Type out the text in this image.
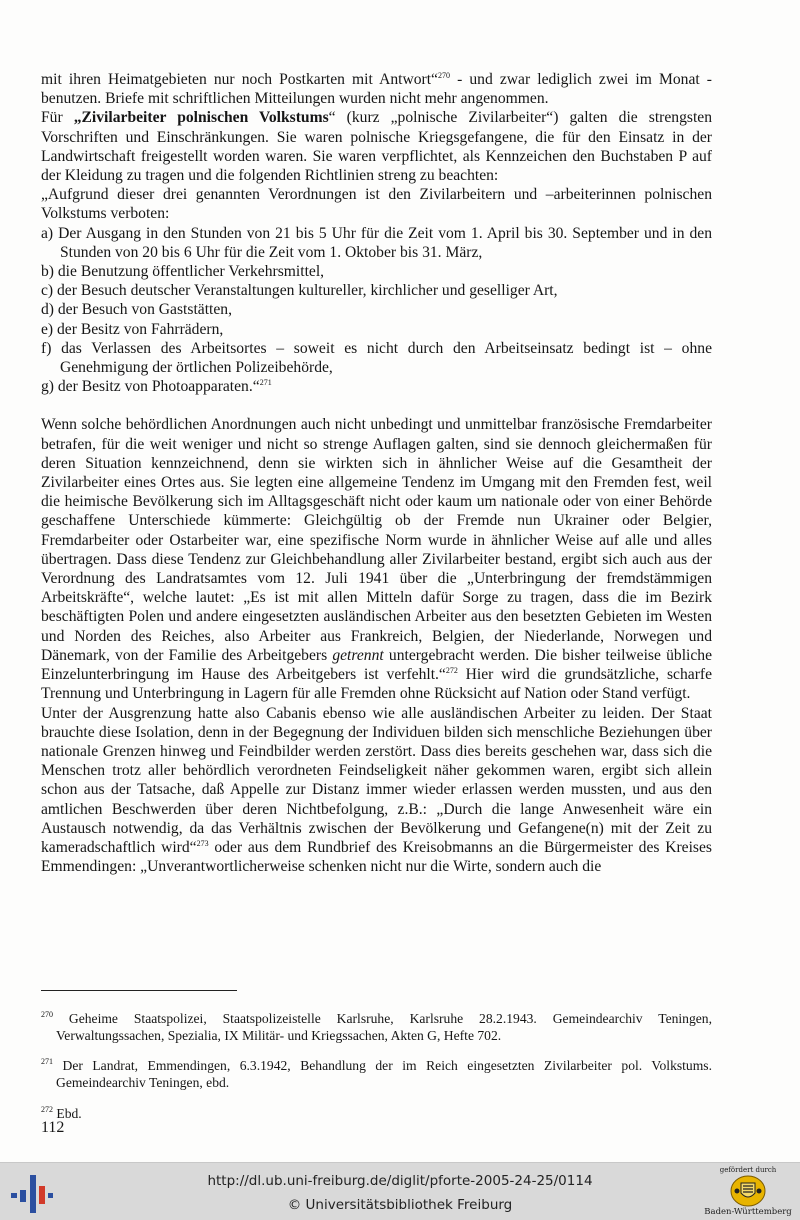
mit ihren Heimatgebieten nur noch Postkarten mit Antwort“$^{270}$ - und zwar lediglich zwei im Monat - benutzen. Briefe mit schriftlichen Mitteilungen wurden nicht mehr angenommen.

Für „Zivilarbeiter polnischen Volkstums“ (kurz „polnische Zivilarbeiter“) galten die strengsten Vorschriften und Einschränkungen. Sie waren polnische Kriegsgefangene, die für den Einsatz in der Landwirtschaft freigestellt worden waren. Sie waren verpflichtet, als Kennzeichen den Buchstaben P auf der Kleidung zu tragen und die folgenden Richtlinien streng zu beachten:

„Aufgrund dieser drei genannten Verordnungen ist den Zivilarbeitern und –arbeiterinnen polnischen Volkstums verboten:

a) Der Ausgang in den Stunden von 21 bis 5 Uhr für die Zeit vom 1. April bis 30. September und in den Stunden von 20 bis 6 Uhr für die Zeit vom 1. Oktober bis 31. März,

b) die Benutzung öffentlicher Verkehrsmittel,

c) der Besuch deutscher Veranstaltungen kultureller, kirchlicher und geselliger Art,

d) der Besuch von Gaststätten,

e) der Besitz von Fahrrädern,

f) das Verlassen des Arbeitsortes – soweit es nicht durch den Arbeitseinsatz bedingt ist – ohne Genehmigung der örtlichen Polizeibehörde,

g) der Besitz von Photoapparaten.“$^{271}$

Wenn solche behördlichen Anordnungen auch nicht unbedingt und unmittelbar französische Fremdarbeiter betrafen, für die weit weniger und nicht so strenge Auflagen galten, sind sie dennoch gleichermaßen für deren Situation kennzeichnend, denn sie wirkten sich in ähnlicher Weise auf die Gesamtheit der Zivilarbeiter eines Ortes aus. Sie legten eine allgemeine Tendenz im Umgang mit den Fremden fest, weil die heimische Bevölkerung sich im Alltagsgeschäft nicht oder kaum um nationale oder von einer Behörde geschaffene Unterschiede kümmerte: Gleichgültig ob der Fremde nun Ukrainer oder Belgier, Fremdarbeiter oder Ostarbeiter war, eine spezifische Norm wurde in ähnlicher Weise auf alle und alles übertragen. Dass diese Tendenz zur Gleichbehandlung aller Zivilarbeiter bestand, ergibt sich auch aus der Verordnung des Landratsamtes vom 12. Juli 1941 über die „Unterbringung der fremdstämmigen Arbeitskräfte“, welche lautet: „Es ist mit allen Mitteln dafür Sorge zu tragen, dass die im Bezirk beschäftigten Polen und andere eingesetzten ausländischen Arbeiter aus den besetzten Gebieten im Westen und Norden des Reiches, also Arbeiter aus Frankreich, Belgien, der Niederlande, Norwegen und Dänemark, von der Familie des Arbeitgebers getrennt untergebracht werden. Die bisher teilweise übliche Einzelunterbringung im Hause des Arbeitgebers ist verfehlt.“$^{272}$ Hier wird die grundsätzliche, scharfe Trennung und Unterbringung in Lagern für alle Fremden ohne Rücksicht auf Nation oder Stand verfügt.

Unter der Ausgrenzung hatte also Cabanis ebenso wie alle ausländischen Arbeiter zu leiden. Der Staat brauchte diese Isolation, denn in der Begegnung der Individuen bilden sich menschliche Beziehungen über nationale Grenzen hinweg und Feindbilder werden zerstört. Dass dies bereits geschehen war, dass sich die Menschen trotz aller behördlich verordneten Feindseligkeit näher gekommen waren, ergibt sich allein schon aus der Tatsache, daß Appelle zur Distanz immer wieder erlassen werden mussten, und aus den amtlichen Beschwerden über deren Nichtbefolgung, z.B.: „Durch die lange Anwesenheit wäre ein Austausch notwendig, da das Verhältnis zwischen der Bevölkerung und Gefangene(n) mit der Zeit zu kameradschaftlich wird“$^{273}$ oder aus dem Rundbrief des Kreisobmanns an die Bürgermeister des Kreises Emmendingen: „Unverantwortlicherweise schenken nicht nur die Wirte, sondern auch die

$^{270}$ Geheime Staatspolizei, Staatspolizeistelle Karlsruhe, Karlsruhe 28.2.1943. Gemeindearchiv Teningen, Verwaltungssachen, Spezialia, IX Militär- und Kriegssachen, Akten G, Hefte 702.

$^{271}$ Der Landrat, Emmendingen, 6.3.1942, Behandlung der im Reich eingesetzten Zivilarbeiter pol. Volkstums. Gemeindearchiv Teningen, ebd.

$^{272}$ Ebd.

112
http://dl.ub.uni-freiburg.de/diglit/pforte-2005-24-25/0114
© Universitätsbibliothek Freiburg
gefördert durch
Baden-Württemberg
